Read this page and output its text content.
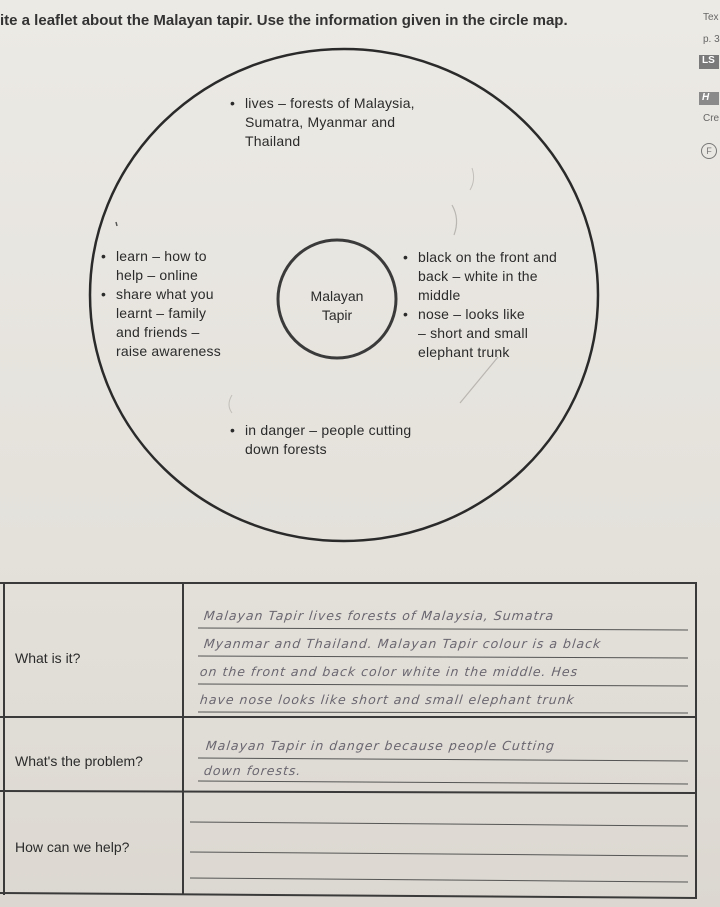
ite a leaflet about the Malayan tapir. Use the information given in the circle map.	Tex
p. 3
LS
H
Cre
F
• lives – forests of Malaysia,
Sumatra, Myanmar and
Thailand
• learn – how to
help – online
• share what you
learnt – family
and friends –
raise awareness
• black on the front and
back – white in the
middle
• nose – looks like
– short and small
elephant trunk
Malayan
Tapir
• in danger – people cutting
down forests
What is it?
What's the problem?
How can we help?
Malayan Tapir lives forests of Malaysia, Sumatra
Myanmar and Thailand. Malayan Tapir colour is a black
on the front and back color white in the middle. Hes
have nose looks like short and small elephant trunk
Malayan Tapir in danger because people Cutting
down forests.
